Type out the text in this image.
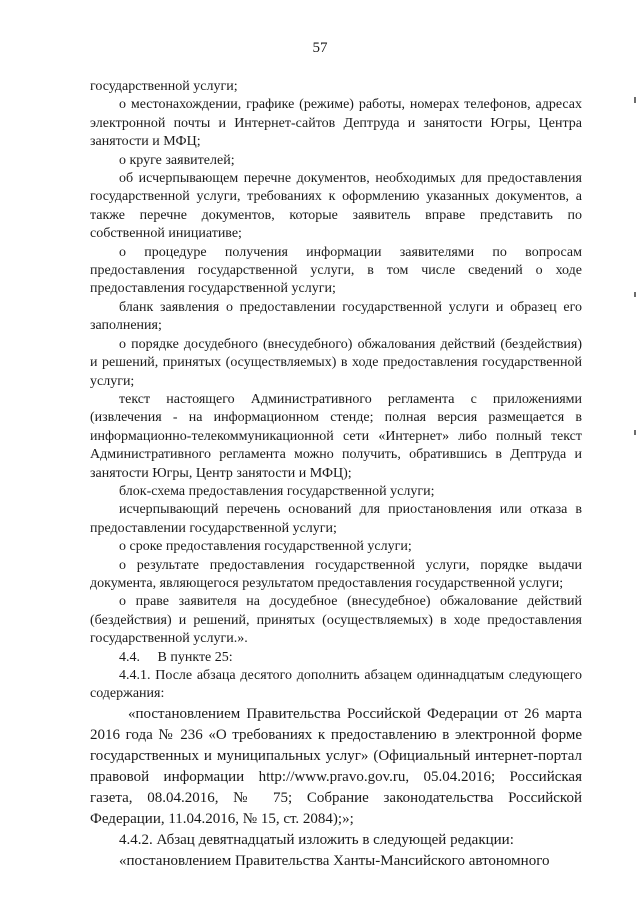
57

государственной услуги;

о местонахождении, графике (режиме) работы, номерах телефонов, адресах электронной почты и Интернет-сайтов Дептруда и занятости Югры, Центра занятости и МФЦ;

о круге заявителей;

об исчерпывающем перечне документов, необходимых для предоставления государственной услуги, требованиях к оформлению указанных документов, а также перечне документов, которые заявитель вправе представить по собственной инициативе;

о процедуре получения информации заявителями по вопросам предоставления государственной услуги, в том числе сведений о ходе предоставления государственной услуги;

бланк заявления о предоставлении государственной услуги и образец его заполнения;

о порядке досудебного (внесудебного) обжалования действий (бездействия) и решений, принятых (осуществляемых) в ходе предоставления государственной услуги;

текст настоящего Административного регламента с приложениями (извлечения - на информационном стенде; полная версия размещается в информационно-телекоммуникационной сети «Интернет» либо полный текст Административного регламента можно получить, обратившись в Дептруда и занятости Югры, Центр занятости и МФЦ);

блок-схема предоставления государственной услуги;

исчерпывающий перечень оснований для приостановления или отказа в предоставлении государственной услуги;

о сроке предоставления государственной услуги;

о результате предоставления государственной услуги, порядке выдачи документа, являющегося результатом предоставления государственной услуги;

о праве заявителя на досудебное (внесудебное) обжалование действий (бездействия) и решений, принятых (осуществляемых) в ходе предоставления государственной услуги.».

4.4.     В пункте 25:

4.4.1. После абзаца десятого дополнить абзацем одиннадцатым следующего содержания:

«постановлением Правительства Российской Федерации от 26 марта 2016 года № 236 «О требованиях к предоставлению в электронной форме государственных и муниципальных услуг» (Официальный интернет-портал правовой информации http://www.pravo.gov.ru, 05.04.2016; Российская газета, 08.04.2016, № 75; Собрание законодательства Российской Федерации, 11.04.2016, № 15, ст. 2084);»;

4.4.2. Абзац девятнадцатый изложить в следующей редакции:

«постановлением Правительства Ханты-Мансийского автономного
